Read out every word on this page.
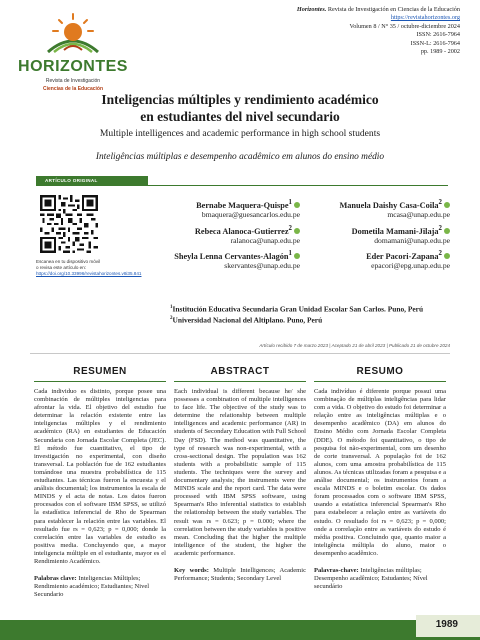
HORIZONTES
Revista de Investigación
Ciencias de la Educación
Horizontes. Revista de Investigación en Ciencias de la Educación
https://revistahorizontes.org
Volumen 8 / N° 35 / octubre-diciembre 2024
ISSN: 2616-7964
ISSN-L: 2616-7964
pp. 1989 - 2002
Inteligencias múltiples y rendimiento académico
en estudiantes del nivel secundario
Multiple intelligences and academic performance in high school students
Inteligências múltiplas e desempenho acadêmico em alunos do ensino médio
ARTÍCULO ORIGINAL
Escanea en tu dispositivo móvil
o revisa este artículo en:
https://doi.org/10.33996/revistahorizontes.v8i35.841
Bernabe Maquera-Quispe$^1$
bmaquera@guesancarlos.edu.pe
Manuela Daishy Casa-Coila$^2$
mcasa@unap.edu.pe
Rebeca Alanoca-Gutierrez$^2$
ralanoca@unap.edu.pe
Dometila Mamani-Jilaja$^2$
domamani@unap.edu.pe
Sheyla Lenna Cervantes-Alagón$^1$
skervantes@unap.edu.pe
Eder Pacori-Zapana$^2$
epacori@epg.unap.edu.pe
$^1$Institución Educativa Secundaria Gran Unidad Escolar San Carlos. Puno, Perú
$^2$Universidad Nacional del Altiplano. Puno, Perú
Artículo recibido 7 de marzo 2023 | Aceptado 21 de abril 2023 | Publicado 21 de octubre 2024
RESUMEN

Cada individuo es distinto, porque posee una combinación de múltiples inteligencias para afrontar la vida. El objetivo del estudio fue determinar la relación existente entre las inteligencias múltiples y el rendimiento académico (RA) en estudiantes de Educación Secundaria con Jornada Escolar Completa (JEC). El método fue cuantitativo, el tipo de investigación no experimental, con diseño transversal. La población fue de 162 estudiantes tomándose una muestra probabilística de 115 estudiantes. Las técnicas fueron la encuesta y el análisis documental; los instrumentos la escala de MINDS y el acta de notas. Los datos fueron procesados con el software IBM SPSS, se utilizó la estadística inferencial de Rho de Spearman para establecer la relación entre las variables. El resultado fue rs = 0,623; p = 0,000; donde la correlación entre las variables de estudio es positiva media. Concluyendo que, a mayor inteligencia múltiple en el estudiante, mayor es el Rendimiento Académico.

Palabras clave: Inteligencias Múltiples; Rendimiento académico; Estudiantes; Nivel Secundario

ABSTRACT

Each individual is different because he/ she possesses a combination of multiple intelligences to face life. The objective of the study was to determine the relationship between multiple intelligences and academic performance (AR) in students of Secondary Education with Full School Day (FSD). The method was quantitative, the type of research was non-experimental, with a cross-sectional design. The population was 162 students with a probabilistic sample of 115 students. The techniques were the survey and documentary analysis; the instruments were the MINDS scale and the report card. The data were processed with IBM SPSS software, using Spearman's Rho inferential statistics to establish the relationship between the study variables. The result was rs = 0.623; p = 0.000; where the correlation between the study variables is positive mean. Concluding that the higher the multiple intelligence of the student, the higher the academic performance.

Key words: Multiple Intelligences; Academic Performance; Students; Secondary Level

RESUMO

Cada indivíduo é diferente porque possui uma combinação de múltiplas inteligências para lidar com a vida. O objetivo do estudo foi determinar a relação entre as inteligências múltiplas e o desempenho acadêmico (DA) em alunos do Ensino Médio com Jornada Escolar Completa (DDE). O método foi quantitativo, o tipo de pesquisa foi não-experimental, com um desenho de corte transversal. A população foi de 162 alunos, com uma amostra probabilística de 115 alunos. As técnicas utilizadas foram a pesquisa e a análise documental; os instrumentos foram a escala MINDS e o boletim escolar. Os dados foram processados com o software IBM SPSS, usando a estatística inferencial Spearman's Rho para estabelecer a relação entre as variáveis do estudo. O resultado foi rs = 0,623; p = 0,000; onde a correlação entre as variáveis do estudo é média positiva. Concluindo que, quanto maior a inteligência múltipla do aluno, maior o desempenho acadêmico.

Palavras-chave: Inteligências múltiplas; Desempenho acadêmico; Estudantes; Nível secundário

1989
